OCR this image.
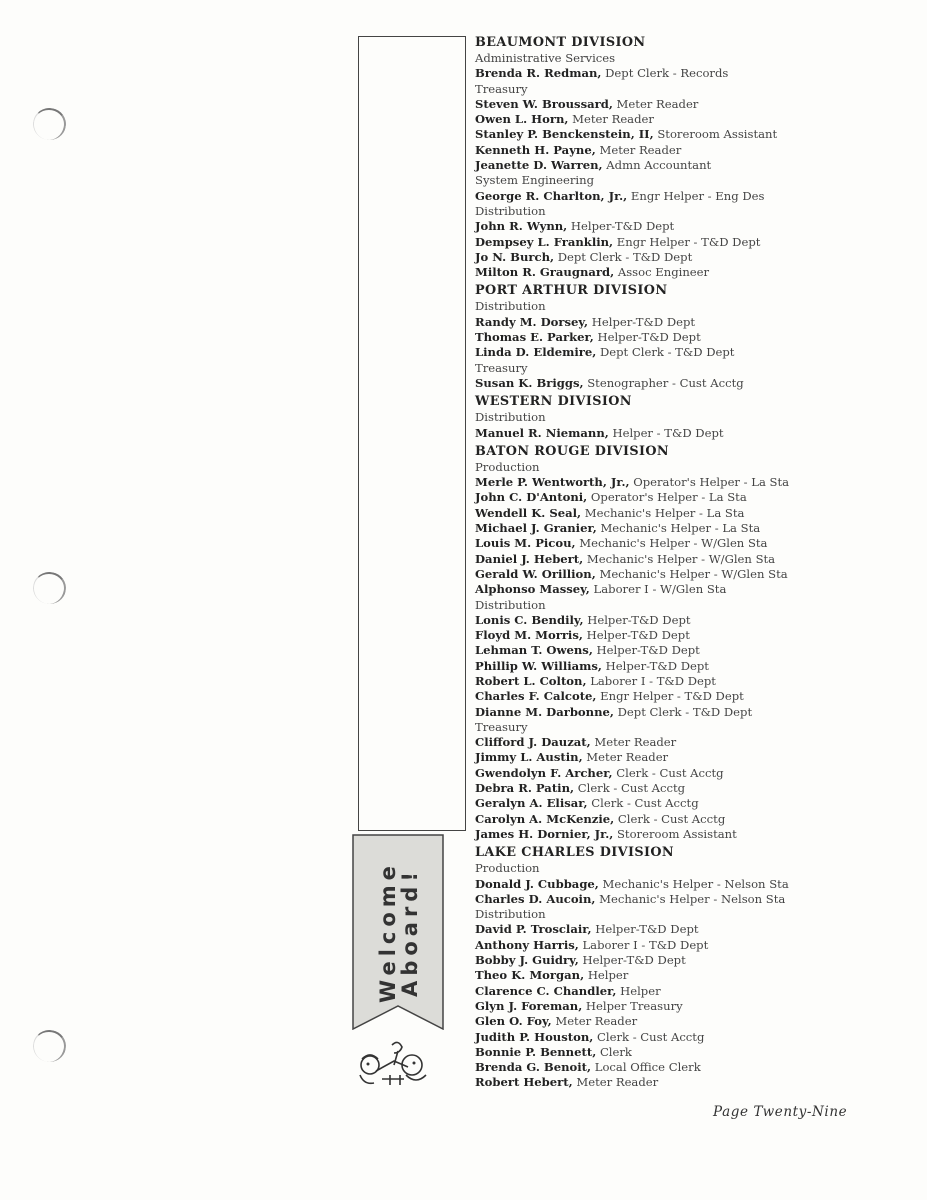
Welcome
Aboard!
BEAUMONT DIVISION
Administrative Services
Brenda R. Redman, Dept Clerk - Records
Treasury
Steven W. Broussard, Meter Reader
Owen L. Horn, Meter Reader
Stanley P. Benckenstein, II, Storeroom Assistant
Kenneth H. Payne, Meter Reader
Jeanette D. Warren, Admn Accountant
System Engineering
George R. Charlton, Jr., Engr Helper - Eng Des
Distribution
John R. Wynn, Helper-T&D Dept
Dempsey L. Franklin, Engr Helper - T&D Dept
Jo N. Burch, Dept Clerk - T&D Dept
Milton R. Graugnard, Assoc Engineer
PORT ARTHUR DIVISION
Distribution
Randy M. Dorsey, Helper-T&D Dept
Thomas E. Parker, Helper-T&D Dept
Linda D. Eldemire, Dept Clerk - T&D Dept
Treasury
Susan K. Briggs, Stenographer - Cust Acctg
WESTERN DIVISION
Distribution
Manuel R. Niemann, Helper - T&D Dept
BATON ROUGE DIVISION
Production
Merle P. Wentworth, Jr., Operator's Helper - La Sta
John C. D'Antoni, Operator's Helper - La Sta
Wendell K. Seal, Mechanic's Helper - La Sta
Michael J. Granier, Mechanic's Helper - La Sta
Louis M. Picou, Mechanic's Helper - W/Glen Sta
Daniel J. Hebert, Mechanic's Helper - W/Glen Sta
Gerald W. Orillion, Mechanic's Helper - W/Glen Sta
Alphonso Massey, Laborer I - W/Glen Sta
Distribution
Lonis C. Bendily, Helper-T&D Dept
Floyd M. Morris, Helper-T&D Dept
Lehman T. Owens, Helper-T&D Dept
Phillip W. Williams, Helper-T&D Dept
Robert L. Colton, Laborer I - T&D Dept
Charles F. Calcote, Engr Helper - T&D Dept
Dianne M. Darbonne, Dept Clerk - T&D Dept
Treasury
Clifford J. Dauzat, Meter Reader
Jimmy L. Austin, Meter Reader
Gwendolyn F. Archer, Clerk - Cust Acctg
Debra R. Patin, Clerk - Cust Acctg
Geralyn A. Elisar, Clerk - Cust Acctg
Carolyn A. McKenzie, Clerk - Cust Acctg
James H. Dornier, Jr., Storeroom Assistant
LAKE CHARLES DIVISION
Production
Donald J. Cubbage, Mechanic's Helper - Nelson Sta
Charles D. Aucoin, Mechanic's Helper - Nelson Sta
Distribution
David P. Trosclair, Helper-T&D Dept
Anthony Harris, Laborer I - T&D Dept
Bobby J. Guidry, Helper-T&D Dept
Theo K. Morgan, Helper
Clarence C. Chandler, Helper
Glyn J. Foreman, Helper Treasury
Glen O. Foy, Meter Reader
Judith P. Houston, Clerk - Cust Acctg
Bonnie P. Bennett, Clerk
Brenda G. Benoit, Local Office Clerk
Robert Hebert, Meter Reader
Page Twenty-Nine
